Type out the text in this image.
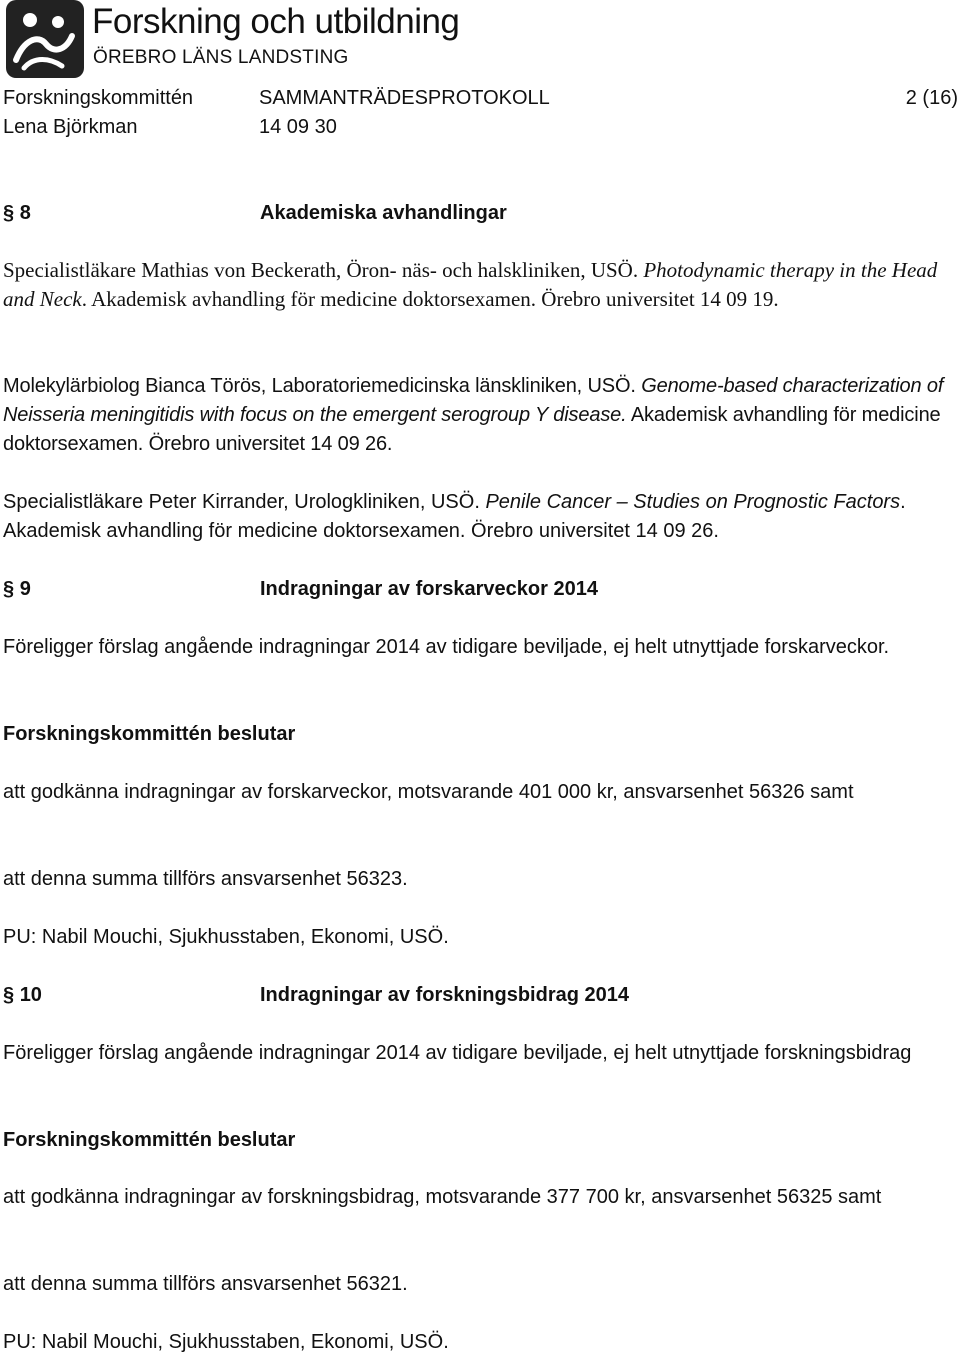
Forskning och utbildning
ÖREBRO LÄNS LANDSTING
Forskningskommittén	SAMMANTRÄDESPROTOKOLL	2 (16)
Lena Björkman	14 09 30
§ 8	Akademiska avhandlingar
Specialistläkare Mathias von Beckerath, Öron- näs- och halskliniken, USÖ. Photodynamic therapy in the Head and Neck. Akademisk avhandling för medicine doktorsexamen. Örebro universitet 14 09 19.
Molekylärbiolog Bianca Törös, Laboratoriemedicinska länskliniken, USÖ. Genome-based characterization of Neisseria meningitidis with focus on the emergent serogroup Y disease. Akademisk avhandling för medicine doktorsexamen. Örebro universitet 14 09 26.
Specialistläkare Peter Kirrander, Urologkliniken, USÖ. Penile Cancer – Studies on Prognostic Factors. Akademisk avhandling för medicine doktorsexamen. Örebro universitet 14 09 26.
§ 9	Indragningar av forskarveckor 2014
Föreligger förslag angående indragningar 2014 av tidigare beviljade, ej helt utnyttjade forskarveckor.
Forskningskommittén beslutar
att godkänna indragningar av forskarveckor, motsvarande 401 000 kr, ansvarsenhet 56326 samt
att denna summa tillförs ansvarsenhet 56323.
PU: Nabil Mouchi, Sjukhusstaben, Ekonomi, USÖ.
§ 10	Indragningar av forskningsbidrag 2014
Föreligger förslag angående indragningar 2014 av tidigare beviljade, ej helt utnyttjade forskningsbidrag
Forskningskommittén beslutar
att godkänna indragningar av forskningsbidrag, motsvarande 377 700 kr, ansvarsenhet 56325 samt
att denna summa tillförs ansvarsenhet 56321.
PU: Nabil Mouchi, Sjukhusstaben, Ekonomi, USÖ.
